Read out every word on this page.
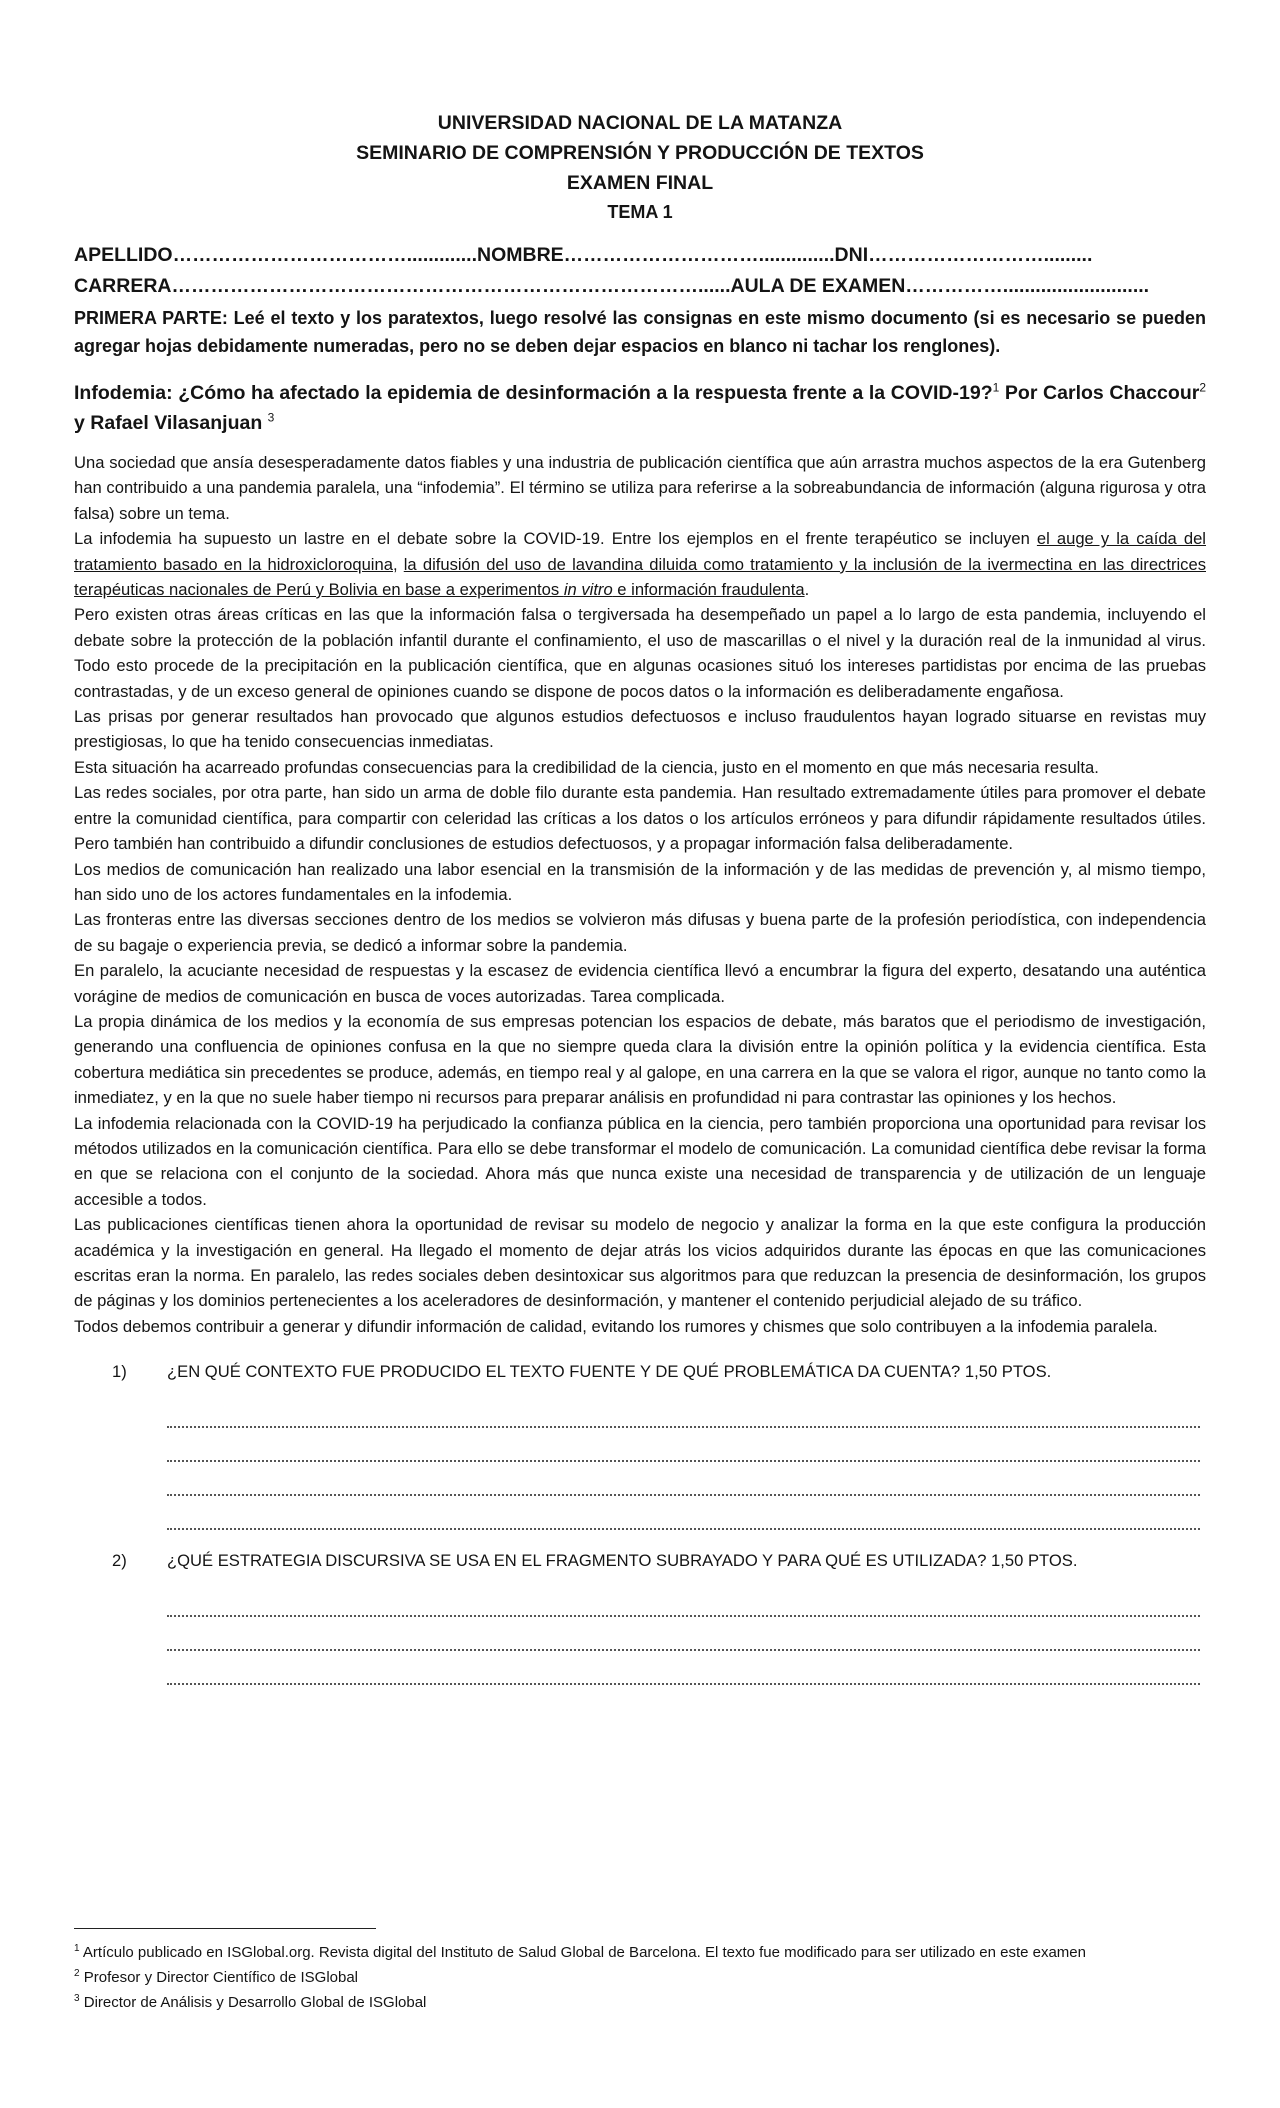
UNIVERSIDAD NACIONAL DE LA MATANZA
SEMINARIO DE COMPRENSIÓN Y PRODUCCIÓN DE TEXTOS
EXAMEN FINAL
TEMA 1
APELLIDO……………………………….............NOMBRE…………………………..............DNI……………………….........
CARRERA………………………………………………………………………......AULA DE EXAMEN……………...........................
PRIMERA PARTE: Leé el texto y los paratextos, luego resolvé las consignas en este mismo documento (si es necesario se pueden agregar hojas debidamente numeradas, pero no se deben dejar espacios en blanco ni tachar los renglones).
Infodemia: ¿Cómo ha afectado la epidemia de desinformación a la respuesta frente a la COVID-19?$^1$ Por Carlos Chaccour$^2$ y Rafael Vilasanjuan $^3$

Una sociedad que ansía desesperadamente datos fiables y una industria de publicación científica que aún arrastra muchos aspectos de la era Gutenberg han contribuido a una pandemia paralela, una “infodemia”. El término se utiliza para referirse a la sobreabundancia de información (alguna rigurosa y otra falsa) sobre un tema.

La infodemia ha supuesto un lastre en el debate sobre la COVID-19. Entre los ejemplos en el frente terapéutico se incluyen el auge y la caída del tratamiento basado en la hidroxicloroquina, la difusión del uso de lavandina diluida como tratamiento y la inclusión de la ivermectina en las directrices terapéuticas nacionales de Perú y Bolivia en base a experimentos in vitro e información fraudulenta.

Pero existen otras áreas críticas en las que la información falsa o tergiversada ha desempeñado un papel a lo largo de esta pandemia, incluyendo el debate sobre la protección de la población infantil durante el confinamiento, el uso de mascarillas o el nivel y la duración real de la inmunidad al virus. Todo esto procede de la precipitación en la publicación científica, que en algunas ocasiones situó los intereses partidistas por encima de las pruebas contrastadas, y de un exceso general de opiniones cuando se dispone de pocos datos o la información es deliberadamente engañosa.

Las prisas por generar resultados han provocado que algunos estudios defectuosos e incluso fraudulentos hayan logrado situarse en revistas muy prestigiosas, lo que ha tenido consecuencias inmediatas.

Esta situación ha acarreado profundas consecuencias para la credibilidad de la ciencia, justo en el momento en que más necesaria resulta.

Las redes sociales, por otra parte, han sido un arma de doble filo durante esta pandemia. Han resultado extremadamente útiles para promover el debate entre la comunidad científica, para compartir con celeridad las críticas a los datos o los artículos erróneos y para difundir rápidamente resultados útiles. Pero también han contribuido a difundir conclusiones de estudios defectuosos, y a propagar información falsa deliberadamente.

Los medios de comunicación han realizado una labor esencial en la transmisión de la información y de las medidas de prevención y, al mismo tiempo, han sido uno de los actores fundamentales en la infodemia.

Las fronteras entre las diversas secciones dentro de los medios se volvieron más difusas y buena parte de la profesión periodística, con independencia de su bagaje o experiencia previa, se dedicó a informar sobre la pandemia.

En paralelo, la acuciante necesidad de respuestas y la escasez de evidencia científica llevó a encumbrar la figura del experto, desatando una auténtica vorágine de medios de comunicación en busca de voces autorizadas. Tarea complicada.

La propia dinámica de los medios y la economía de sus empresas potencian los espacios de debate, más baratos que el periodismo de investigación, generando una confluencia de opiniones confusa en la que no siempre queda clara la división entre la opinión política y la evidencia científica. Esta cobertura mediática sin precedentes se produce, además, en tiempo real y al galope, en una carrera en la que se valora el rigor, aunque no tanto como la inmediatez, y en la que no suele haber tiempo ni recursos para preparar análisis en profundidad ni para contrastar las opiniones y los hechos.

La infodemia relacionada con la COVID-19 ha perjudicado la confianza pública en la ciencia, pero también proporciona una oportunidad para revisar los métodos utilizados en la comunicación científica. Para ello se debe transformar el modelo de comunicación. La comunidad científica debe revisar la forma en que se relaciona con el conjunto de la sociedad. Ahora más que nunca existe una necesidad de transparencia y de utilización de un lenguaje accesible a todos.

Las publicaciones científicas tienen ahora la oportunidad de revisar su modelo de negocio y analizar la forma en la que este configura la producción académica y la investigación en general. Ha llegado el momento de dejar atrás los vicios adquiridos durante las épocas en que las comunicaciones escritas eran la norma. En paralelo, las redes sociales deben desintoxicar sus algoritmos para que reduzcan la presencia de desinformación, los grupos de páginas y los dominios pertenecientes a los aceleradores de desinformación, y mantener el contenido perjudicial alejado de su tráfico.

Todos debemos contribuir a generar y difundir información de calidad, evitando los rumores y chismes que solo contribuyen a la infodemia paralela.

1)	¿EN QUÉ CONTEXTO FUE PRODUCIDO EL TEXTO FUENTE Y DE QUÉ PROBLEMÁTICA DA CUENTA? 1,50 PTOS.
2)	¿QUÉ ESTRATEGIA DISCURSIVA SE USA EN EL FRAGMENTO SUBRAYADO Y PARA QUÉ ES UTILIZADA? 1,50 PTOS.
$^1$ Artículo publicado en ISGlobal.org. Revista digital del Instituto de Salud Global de Barcelona. El texto fue modificado para ser utilizado en este examen
$^2$ Profesor y Director Científico de ISGlobal
$^3$ Director de Análisis y Desarrollo Global de ISGlobal
